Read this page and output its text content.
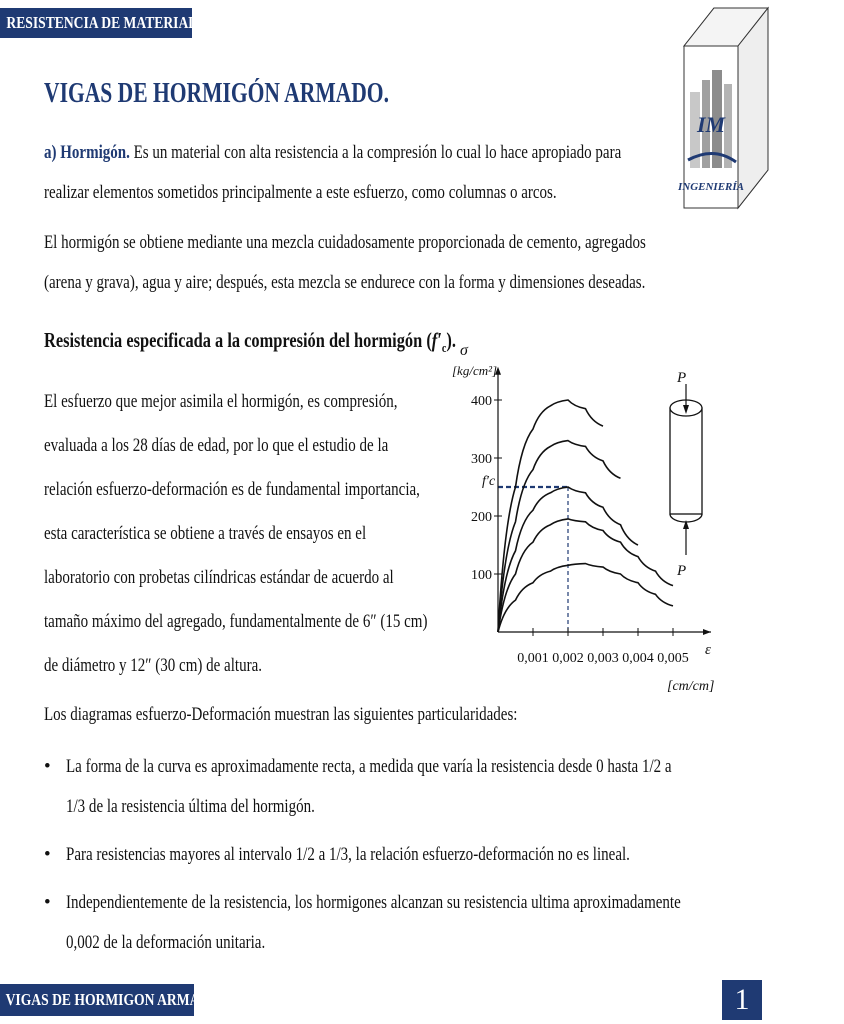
RESISTENCIA DE MATERIALES
IM
INGENIERÍA
VIGAS DE HORMIGÓN ARMADO.
a) Hormigón. Es un material con alta resistencia a la compresión lo cual lo hace apropiado para
realizar elementos sometidos principalmente a este esfuerzo, como columnas o arcos.
El hormigón se obtiene mediante una mezcla cuidadosamente proporcionada de cemento, agregados
(arena y grava), agua y aire; después, esta mezcla se endurece con la forma y dimensiones deseadas.
Resistencia especificada a la compresión del hormigón $(f'_c)$.
El esfuerzo que mejor asimila el hormigón, es compresión,
evaluada a los 28 días de edad, por lo que el estudio de la
relación esfuerzo-deformación es de fundamental importancia,
esta característica se obtiene a través de ensayos en el
laboratorio con probetas cilíndricas estándar de acuerdo al
tamaño máximo del agregado, fundamentalmente de 6″ (15 cm)
de diámetro y 12″ (30 cm) de altura.
σ
[kg/cm²]
100
200
300
400
0,001 0,002 0,003 0,004 0,005
ε
[cm/cm]
f′c
P
P
Los diagramas esfuerzo-Deformación muestran las siguientes particularidades:
• La forma de la curva es aproximadamente recta, a medida que varía la resistencia desde 0 hasta 1/2 a
1/3 de la resistencia última del hormigón.
• Para resistencias mayores al intervalo 1/2 a 1/3, la relación esfuerzo-deformación no es lineal.
• Independientemente de la resistencia, los hormigones alcanzan su resistencia ultima aproximadamente
0,002 de la deformación unitaria.
VIGAS DE HORMIGON ARMADO	1
